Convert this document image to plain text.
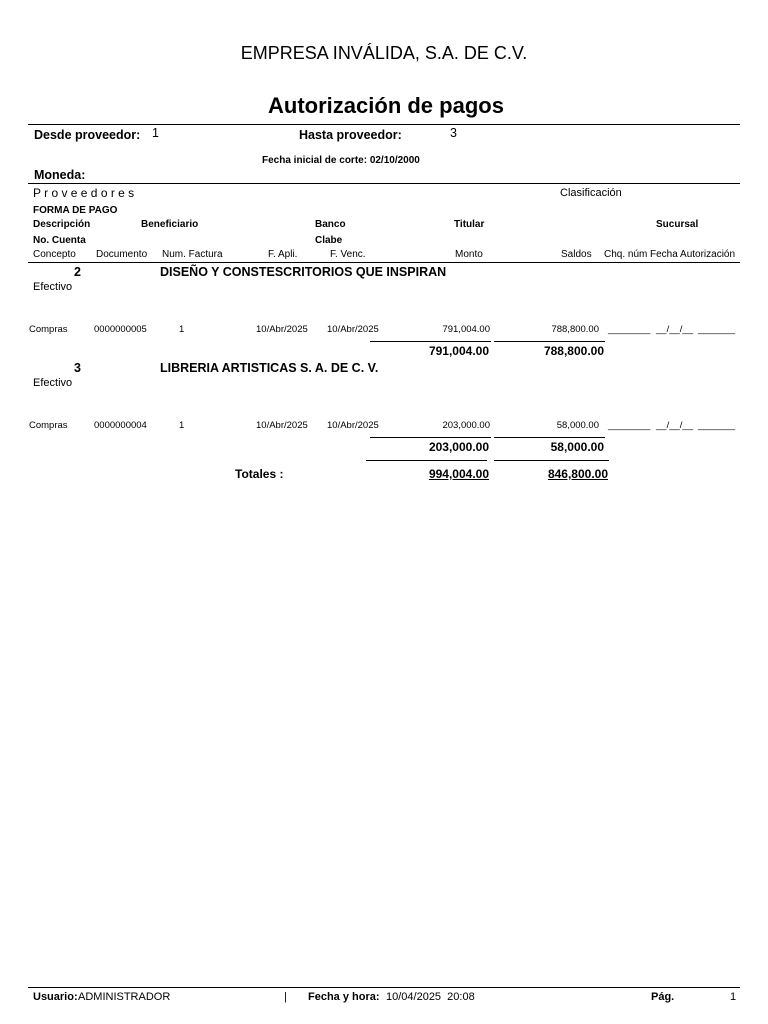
EMPRESA INVÁLIDA, S.A. DE C.V.
Autorización de pagos
Desde proveedor: 1	Hasta proveedor:	3
Fecha inicial de corte: 02/10/2000
Moneda:
P r o v e e d o r e s	Clasificación
FORMA DE PAGO
Descripción	Beneficiario	Banco	Titular	Sucursal
No. Cuenta	Clabe
Concepto Documento Num. Factura	F. Apli.	F. Venc.	Monto	Saldos Chq. núm Fecha Autorización
2	DISEÑO Y CONSTESCRITORIOS QUE INSPIRAN
Efectivo
Compras	0000000005	1	10/Abr/2025 10/Abr/2025	791,004.00	788,800.00 ________ __/__/__ _______
791,004.00	788,800.00
3	LIBRERIA ARTISTICAS S. A. DE C. V.
Efectivo
Compras	0000000004	1	10/Abr/2025 10/Abr/2025	203,000.00	58,000.00 ________ __/__/__ _______
203,000.00	58,000.00
Totales :	994,004.00	846,800.00
Usuario: ADMINISTRADOR	| Fecha y hora: 10/04/2025  20:08	Pág.	1
